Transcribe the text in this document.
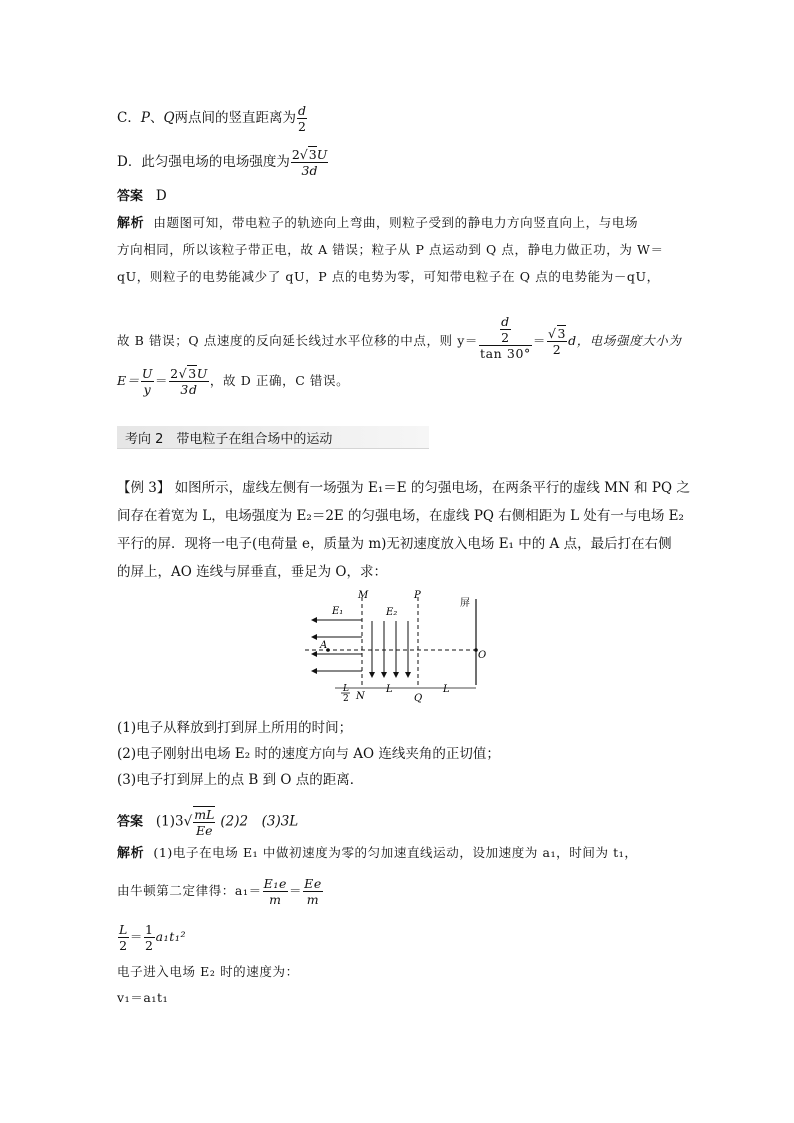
C．P、Q两点间的竖直距离为 $\frac{d}{2}$
D．此匀强电场的电场强度为 $\frac{2√3U}{3d}$
答案 D
解析 由题图可知，带电粒子的轨迹向上弯曲，则粒子受到的静电力方向竖直向上，与电场
方向相同，所以该粒子带正电，故 A 错误；粒子从 P 点运动到 Q 点，静电力做正功，为 W＝
qU，则粒子的电势能减少了 qU，P 点的电势为零，可知带电粒子在 Q 点的电势能为－qU，
故 B 错误；Q 点速度的反向延长线过水平位移的中点，则 $y= \frac{\frac{d}{2}}{\tan 30^\circ} = \frac{√3}{2}$ d，电场强度大小为
$E= \frac{U}{y} = \frac{2√3U}{3d}$ ，故 D 正确，C 错误。
考向 2　带电粒子在组合场中的运动
【例 3】 如图所示，虚线左侧有一场强为 E₁＝E 的匀强电场，在两条平行的虚线 MN 和 PQ 之
间存在着宽为 L，电场强度为 E₂＝2E 的匀强电场，在虚线 PQ 右侧相距为 L 处有一与电场 E₂
平行的屏．现将一电子(电荷量 e，质量为 m)无初速度放入电场 E₁ 中的 A 点，最后打在右侧
的屏上，AO 连线与屏垂直，垂足为 O，求：
M	P
屏
E₁	E₂
A
O
L
2 N
L
Q
L
(1)电子从释放到打到屏上所用的时间；
(2)电子刚射出电场 E₂ 时的速度方向与 AO 连线夹角的正切值；
(3)电子打到屏上的点 B 到 O 点的距离．
答案 $(1)3√ \frac{mL}{Ee} (2)2$　(3)3L
解析 (1)电子在电场 E₁ 中做初速度为零的匀加速直线运动，设加速度为 a₁，时间为 t₁，
由牛顿第二定律得：$a_1= \frac{\text{E₁e}}{m} = \frac{Ee}{m}$
$\frac{L}{2} = \frac{1}{2} a_1t_1^2$
电子进入电场 E₂ 时的速度为：
v₁＝a₁t₁
